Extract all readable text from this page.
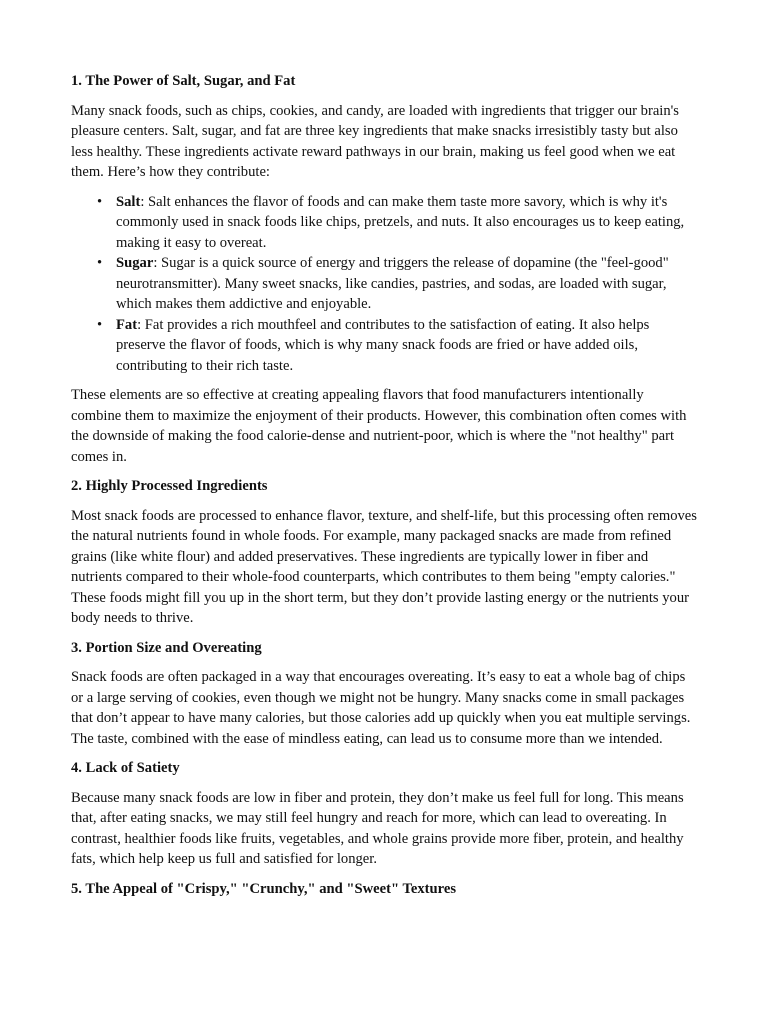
1. The Power of Salt, Sugar, and Fat

Many snack foods, such as chips, cookies, and candy, are loaded with ingredients that trigger our brain's pleasure centers. Salt, sugar, and fat are three key ingredients that make snacks irresistibly tasty but also less healthy. These ingredients activate reward pathways in our brain, making us feel good when we eat them. Here’s how they contribute:

• Salt: Salt enhances the flavor of foods and can make them taste more savory, which is why it's commonly used in snack foods like chips, pretzels, and nuts. It also encourages us to keep eating, making it easy to overeat.
• Sugar: Sugar is a quick source of energy and triggers the release of dopamine (the "feel-good" neurotransmitter). Many sweet snacks, like candies, pastries, and sodas, are loaded with sugar, which makes them addictive and enjoyable.
• Fat: Fat provides a rich mouthfeel and contributes to the satisfaction of eating. It also helps preserve the flavor of foods, which is why many snack foods are fried or have added oils, contributing to their rich taste.

These elements are so effective at creating appealing flavors that food manufacturers intentionally combine them to maximize the enjoyment of their products. However, this combination often comes with the downside of making the food calorie-dense and nutrient-poor, which is where the "not healthy" part comes in.

2. Highly Processed Ingredients

Most snack foods are processed to enhance flavor, texture, and shelf-life, but this processing often removes the natural nutrients found in whole foods. For example, many packaged snacks are made from refined grains (like white flour) and added preservatives. These ingredients are typically lower in fiber and nutrients compared to their whole-food counterparts, which contributes to them being "empty calories." These foods might fill you up in the short term, but they don’t provide lasting energy or the nutrients your body needs to thrive.

3. Portion Size and Overeating

Snack foods are often packaged in a way that encourages overeating. It’s easy to eat a whole bag of chips or a large serving of cookies, even though we might not be hungry. Many snacks come in small packages that don’t appear to have many calories, but those calories add up quickly when you eat multiple servings. The taste, combined with the ease of mindless eating, can lead us to consume more than we intended.

4. Lack of Satiety

Because many snack foods are low in fiber and protein, they don’t make us feel full for long. This means that, after eating snacks, we may still feel hungry and reach for more, which can lead to overeating. In contrast, healthier foods like fruits, vegetables, and whole grains provide more fiber, protein, and healthy fats, which help keep us full and satisfied for longer.

5. The Appeal of "Crispy," "Crunchy," and "Sweet" Textures
